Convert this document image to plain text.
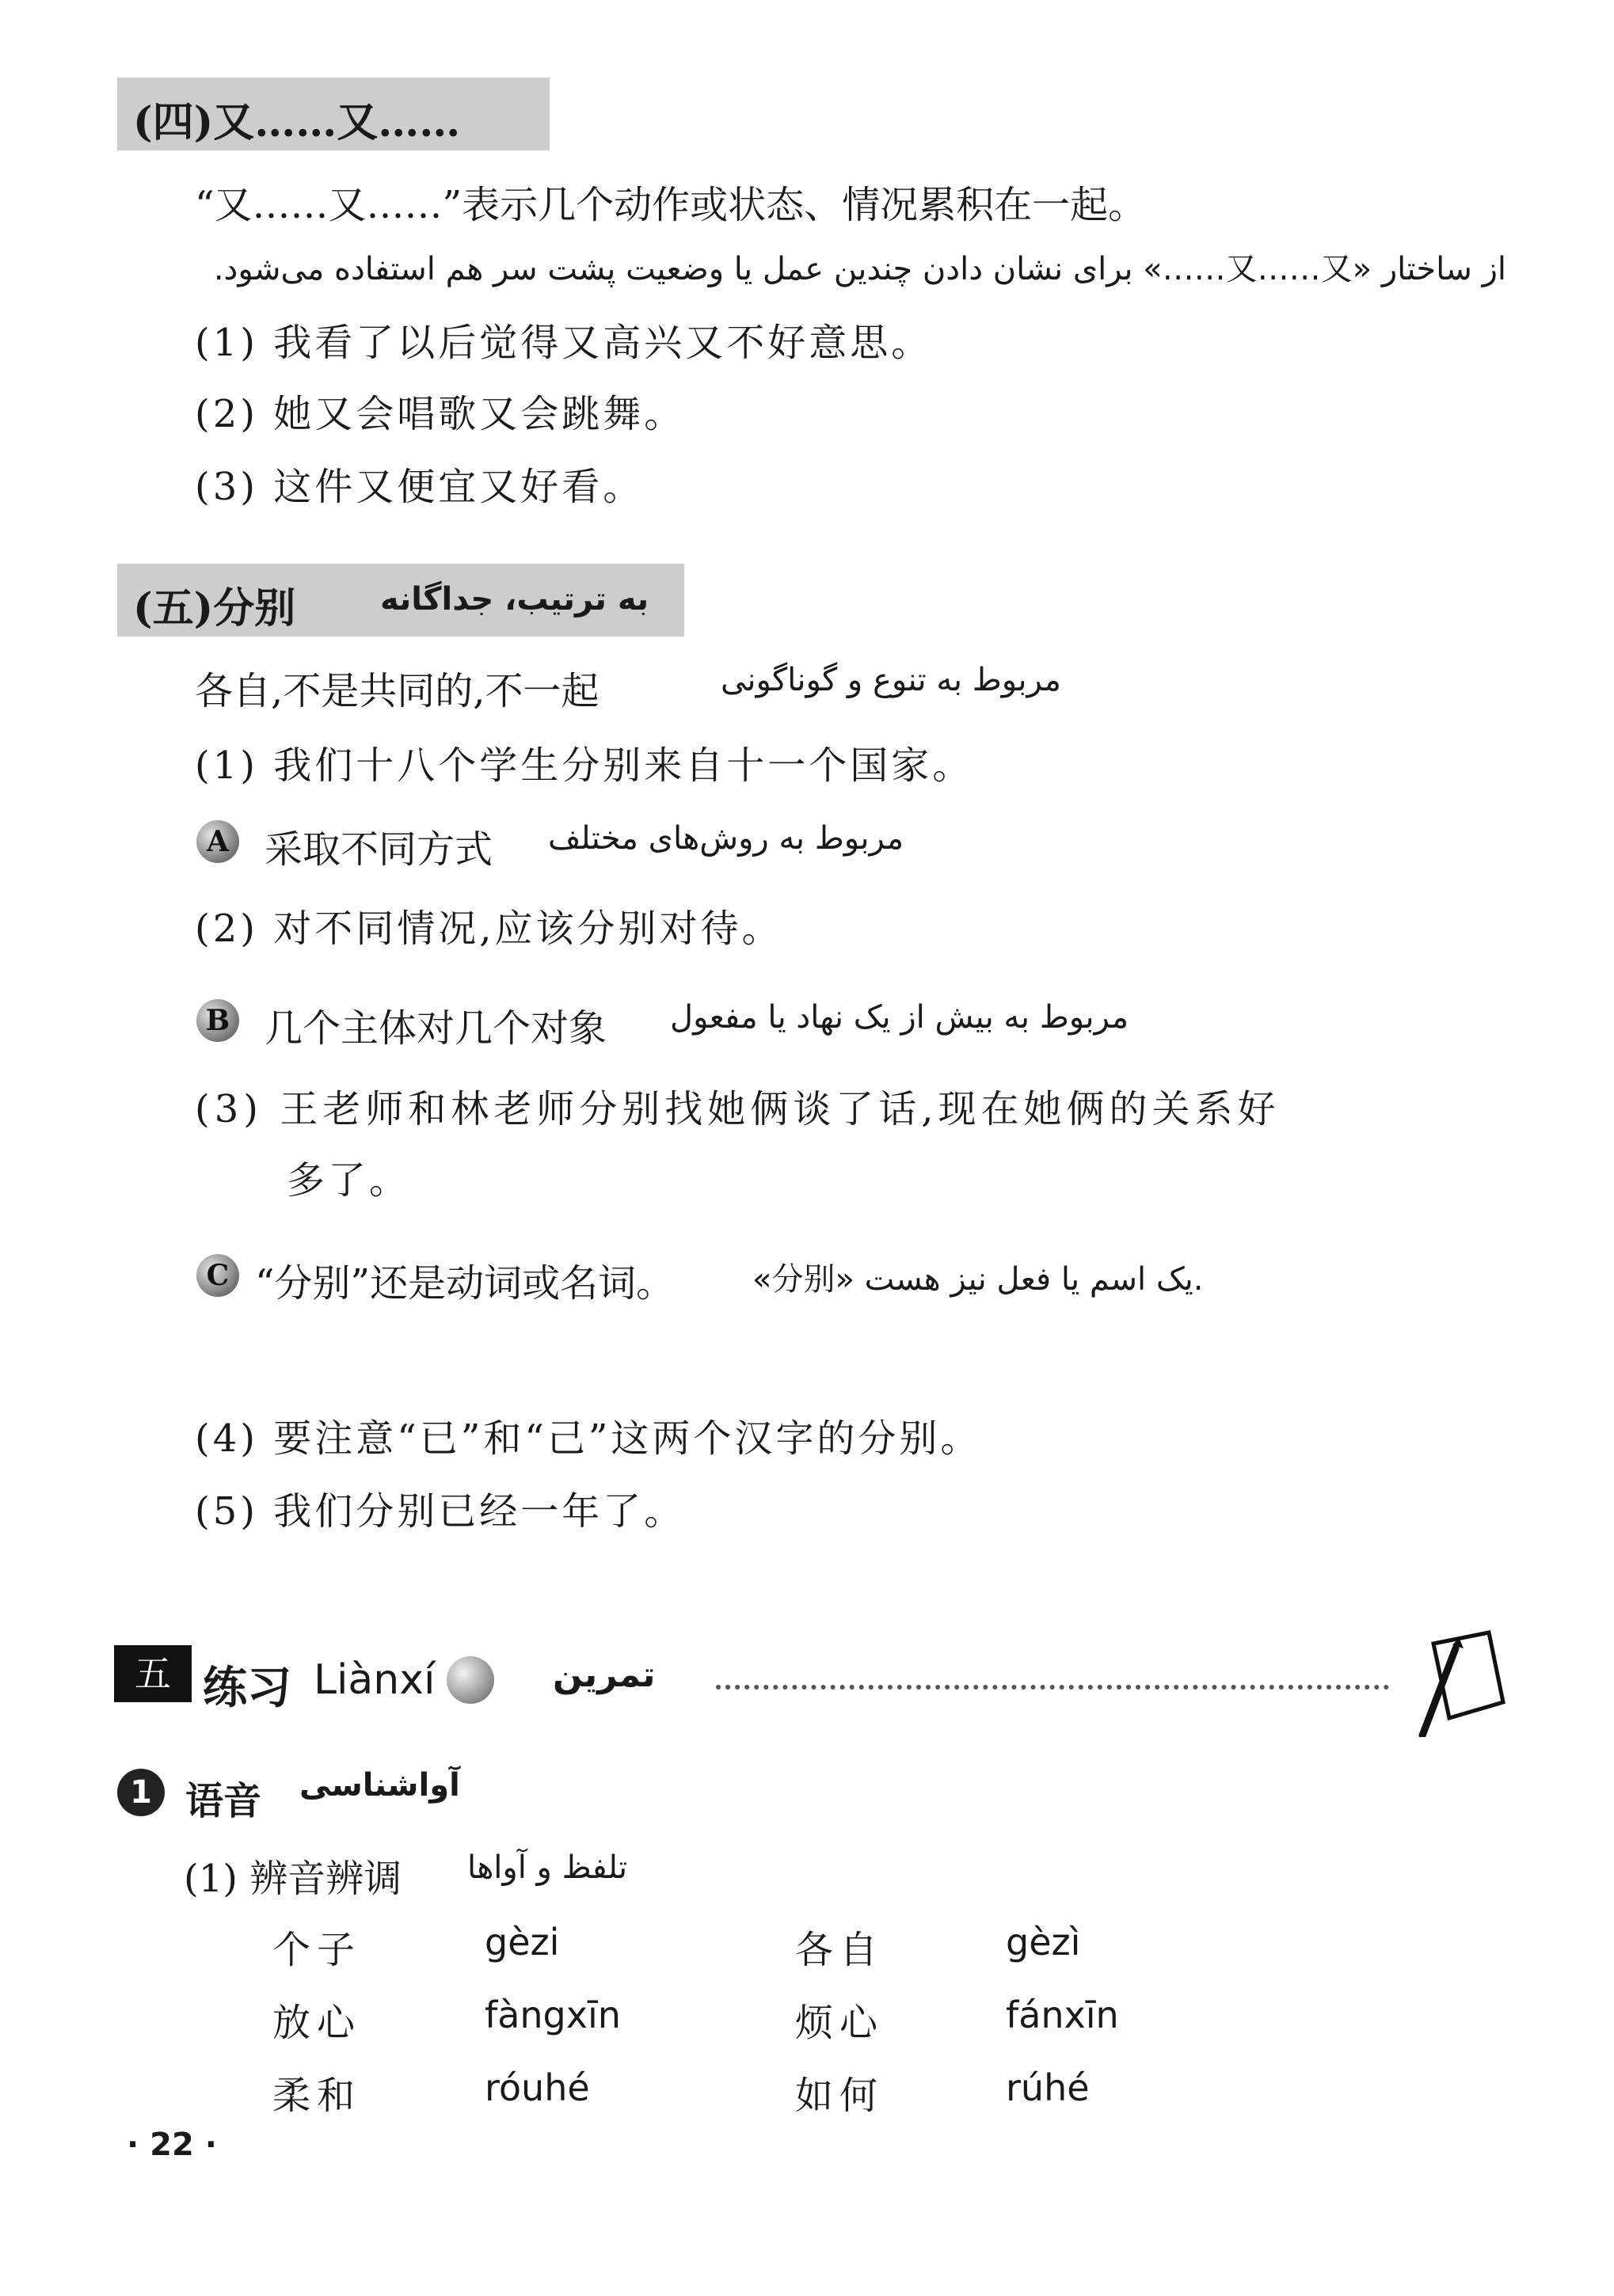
(四)又……又……
“又……又……”表示几个动作或状态、情况累积在一起。
از ساختار «又……又……» برای نشان دادن چندین عمل یا وضعیت پشت سر هم استفاده می‌شود.
(1) 我看了以后觉得又高兴又不好意思。
(2) 她又会唱歌又会跳舞。
(3) 这件又便宜又好看。
(五)分别	به ترتیب، جداگانه
各自,不是共同的,不一起	مربوط به تنوع و گوناگونی
(1) 我们十八个学生分别来自十一个国家。
A 采取不同方式 مربوط به روش‌های مختلف
(2) 对不同情况,应该分别对待。
B 几个主体对几个对象 مربوط به بیش از یک نهاد یا مفعول
(3) 王老师和林老师分别找她俩谈了话,现在她俩的关系好
多了。
C “分别”还是动词或名词。 «分别» یک اسم یا فعل نیز هست.
(4) 要注意“已”和“己”这两个汉字的分别。
(5) 我们分别已经一年了。
五 练习 Liànxí	تمرین
1 语音 آواشناسی
(1) 辨音辨调 تلفظ و آواها
个子	gèzi	各自	gèzì
放心	fàngxīn	烦心	fánxīn
柔和	róuhé	如何	rúhé
· 22 ·
